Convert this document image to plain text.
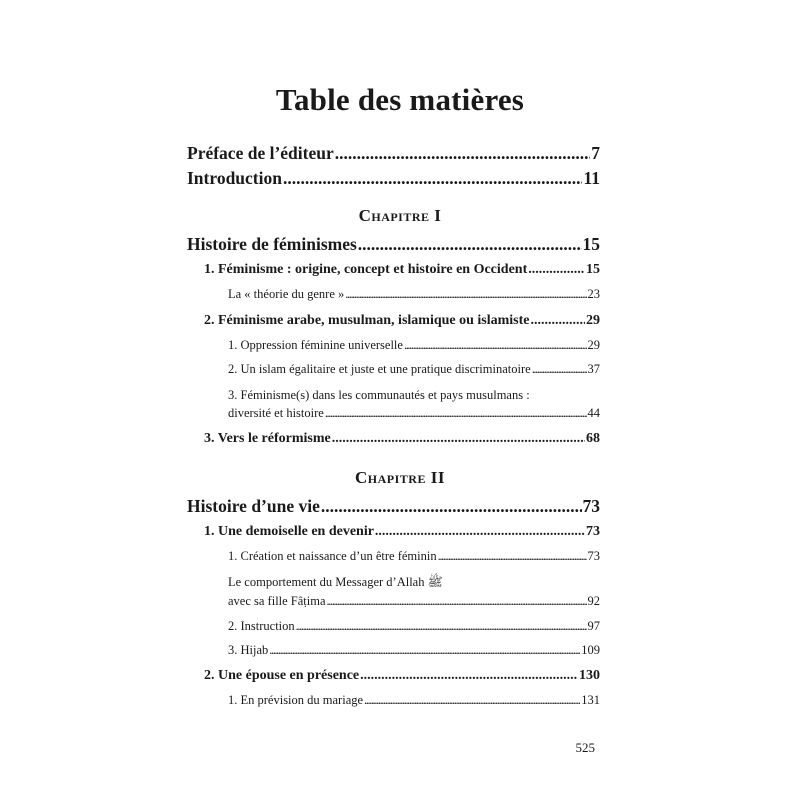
Table des matières
Préface de l’éditeur .....	7
Introduction .....	11
Chapitre I
Histoire de féminismes .....	15
1. Féminisme : origine, concept et histoire en Occident .....	15
La « théorie du genre » .....	23
2. Féminisme arabe, musulman, islamique ou islamiste .....	29
1. Oppression féminine universelle .....	29
2. Un islam égalitaire et juste et une pratique discriminatoire .....	37
3. Féminisme(s) dans les communautés et pays musulmans :
diversité et histoire .....	44
3. Vers le réformisme .....	68
Chapitre II
Histoire d’une vie .....	73
1. Une demoiselle en devenir .....	73
1. Création et naissance d’un être féminin .....	73
Le comportement du Messager d’Allah ﷺ
avec sa fille Fâṭima .....	92
2. Instruction .....	97
3. Hijab .....	109
2. Une épouse en présence .....	130
1. En prévision du mariage .....	131
525
